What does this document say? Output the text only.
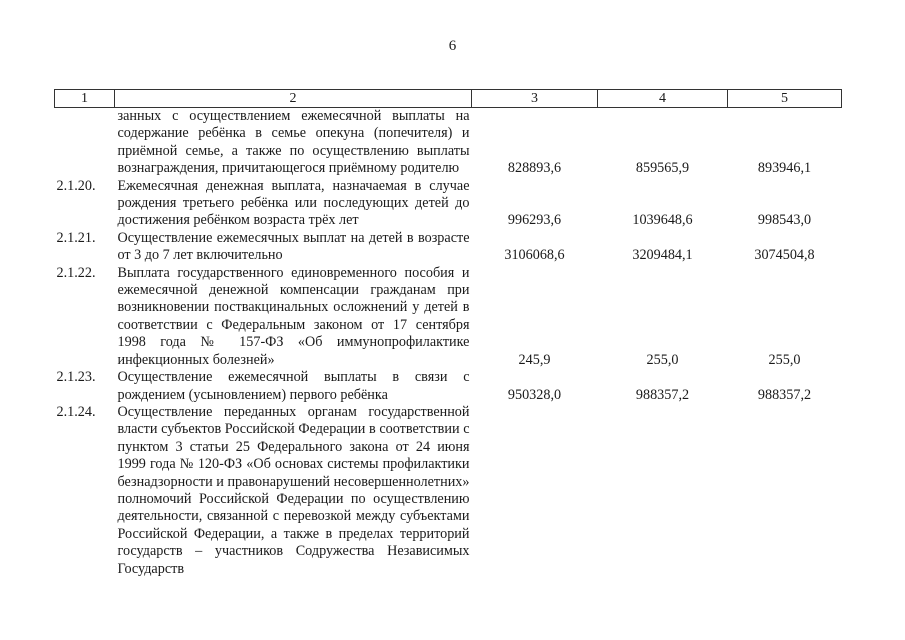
6
1	2	3	4	5
	занных с осуществлением ежемесячной выплаты на содержание ребёнка в семье опекуна (попечителя) и приёмной семье, а также по осуществлению выплаты вознаграждения, причитающегося приёмному родителю	828893,6	859565,9	893946,1
2.1.20.	Ежемесячная денежная выплата, назначаемая в случае рождения третьего ребёнка или последующих детей до достижения ребёнком возраста трёх лет	996293,6	1039648,6	998543,0
2.1.21.	Осуществление ежемесячных выплат на детей в возрасте от 3 до 7 лет включительно	3106068,6	3209484,1	3074504,8
2.1.22.	Выплата государственного единовременного пособия и ежемесячной денежной компенсации гражданам при возникновении поствакцинальных осложнений у детей в соответствии с Федеральным законом от 17 сентября 1998 года № 157-ФЗ «Об иммунопрофилактике инфекционных болезней»	245,9	255,0	255,0
2.1.23.	Осуществление ежемесячной выплаты в связи с рождением (усыновлением) первого ребёнка	950328,0	988357,2	988357,2
2.1.24.	Осуществление переданных органам государственной власти субъектов Российской Федерации в соответствии с пунктом 3 статьи 25 Федерального закона от 24 июня 1999 года № 120-ФЗ «Об основах системы профилактики безнадзорности и правонарушений несовершеннолетних» полномочий Российской Федерации по осуществлению деятельности, связанной с перевозкой между субъектами Российской Федерации, а также в пределах территорий государств – участников Содружества Независимых Государств			
